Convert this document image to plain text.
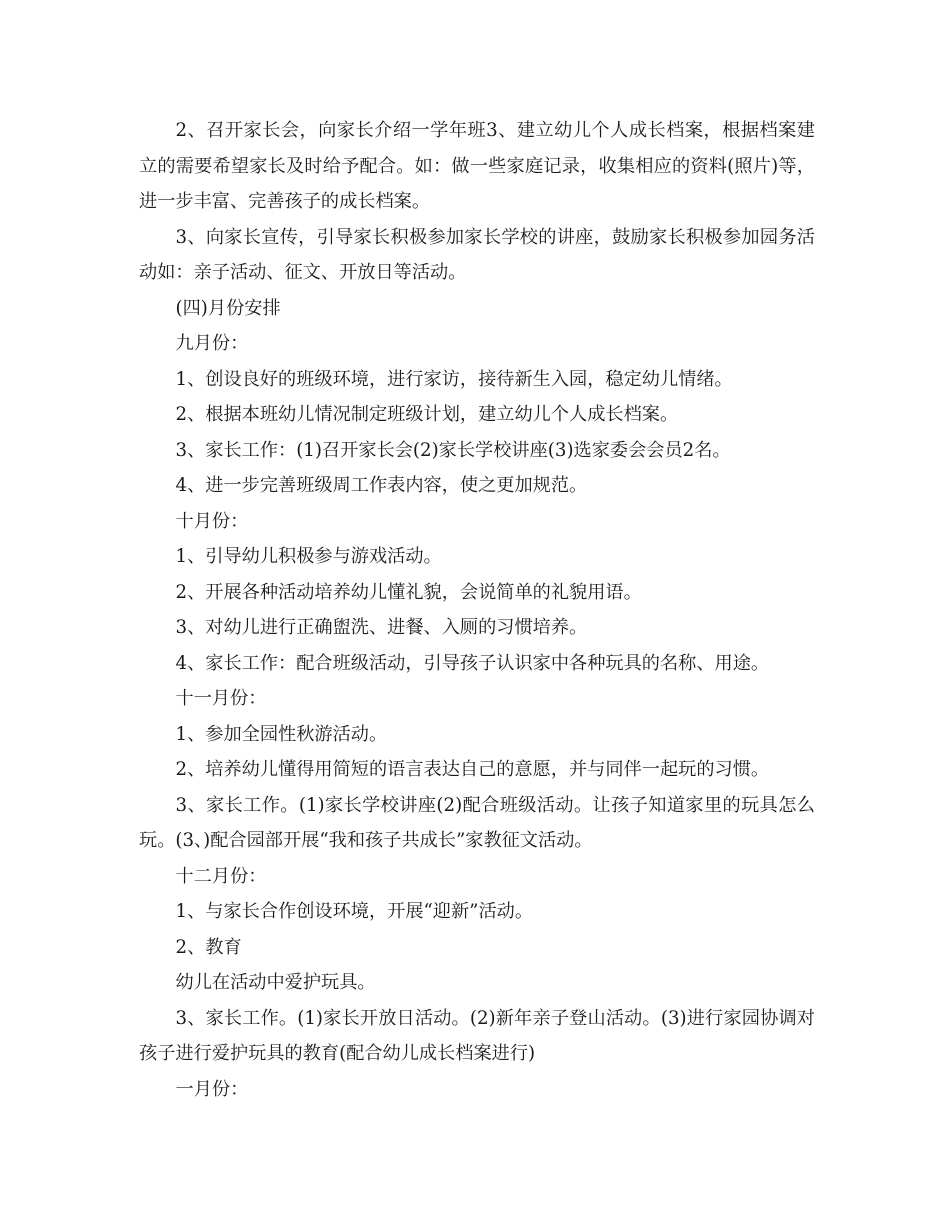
2、召开家长会，向家长介绍一学年班3、建立幼儿个人成长档案，根据档案建立的需要希望家长及时给予配合。如：做一些家庭记录，收集相应的资料(照片)等，进一步丰富、完善孩子的成长档案。

3、向家长宣传，引导家长积极参加家长学校的讲座，鼓励家长积极参加园务活动如：亲子活动、征文、开放日等活动。

(四)月份安排

九月份：

1、创设良好的班级环境，进行家访，接待新生入园，稳定幼儿情绪。

2、根据本班幼儿情况制定班级计划，建立幼儿个人成长档案。

3、家长工作：(1)召开家长会(2)家长学校讲座(3)选家委会会员2名。

4、进一步完善班级周工作表内容，使之更加规范。

十月份：

1、引导幼儿积极参与游戏活动。

2、开展各种活动培养幼儿懂礼貌，会说简单的礼貌用语。

3、对幼儿进行正确盥洗、进餐、入厕的习惯培养。

4、家长工作：配合班级活动，引导孩子认识家中各种玩具的名称、用途。

十一月份：

1、参加全园性秋游活动。

2、培养幼儿懂得用简短的语言表达自己的意愿，并与同伴一起玩的习惯。

3、家长工作。(1)家长学校讲座(2)配合班级活动。让孩子知道家里的玩具怎么玩。(3、)配合园部开展“我和孩子共成长”家教征文活动。

十二月份：

1、与家长合作创设环境，开展“迎新”活动。

2、教育

幼儿在活动中爱护玩具。

3、家长工作。(1)家长开放日活动。(2)新年亲子登山活动。(3)进行家园协调对孩子进行爱护玩具的教育(配合幼儿成长档案进行)

一月份：
